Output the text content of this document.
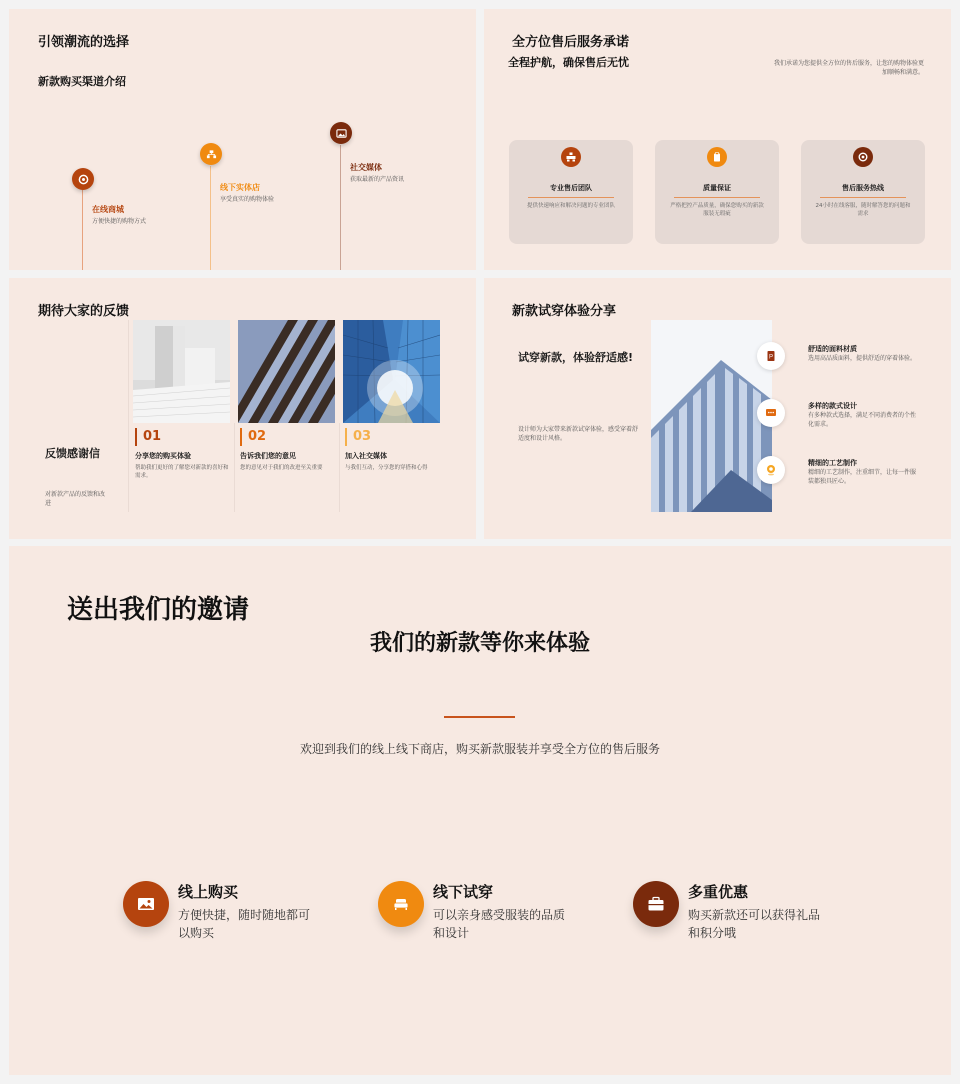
引领潮流的选择
新款购买渠道介绍
在线商城
方便快捷的购物方式
线下实体店
享受真实的购物体验
社交媒体
获取最新的产品资讯
全方位售后服务承诺
全程护航，确保售后无忧	我们承诺为您提供全方位的售后服务，让您的购物体验更加顺畅和满意。
专业售后团队
提供快速响应和解决问题的专业团队
质量保证
严格把控产品质量，确保您购买的新款服装无瑕疵
售后服务热线
24小时在线客服，随时解答您的问题和需求
期待大家的反馈
反馈感谢信
对新款产品的反馈和改进
01
分享您的购买体验
帮助我们更好的了解您对新款的喜好和需求。
02
告诉我们您的意见
您的意见对于我们的改进至关重要
03
加入社交媒体
与我们互动，分享您的穿搭和心得
新款试穿体验分享
试穿新款，体验舒适感!
设计师为大家带来新款试穿体验，感受穿着舒适度和设计风格。
P
舒适的面料材质
选用高品质面料，提供舒适的穿着体验。
多样的款式设计
有多种款式选择，满足不同消费者的个性化需求。
精细的工艺制作
精细的工艺制作，注重细节，让每一件服装都独具匠心。
送出我们的邀请
我们的新款等你来体验
欢迎到我们的线上线下商店，购买新款服装并享受全方位的售后服务
线上购买
方便快捷，随时随地都可以购买
线下试穿
可以亲身感受服装的品质和设计
多重优惠
购买新款还可以获得礼品和积分哦
